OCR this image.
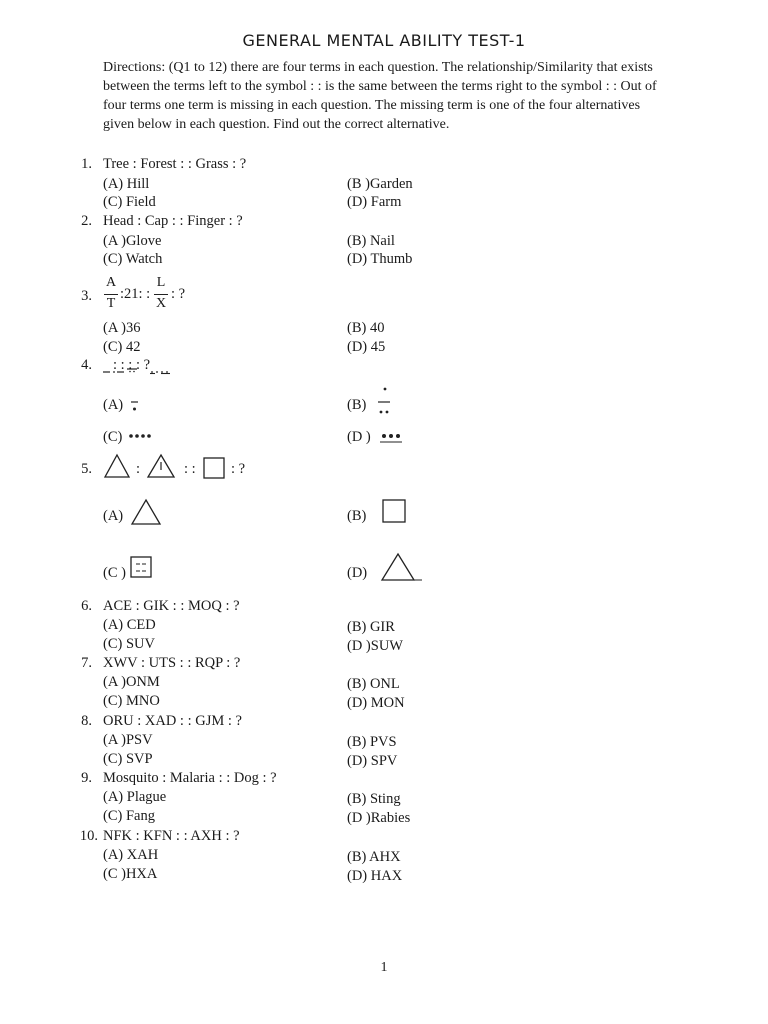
GENERAL MENTAL ABILITY TEST-1
Directions: (Q1 to 12) there are four terms in each question. The relationship/Similarity that exists between the terms left to the symbol : : is the same between the terms right to the symbol : : Out of four terms one term is missing in each question. The missing term is one of the four alternatives given below in each question. Find out the correct alternative.
1. Tree : Forest : : Grass : ?
(A) Hill	(B )Garden
(C) Field	(D) Farm
2. Head : Cap : : Finger : ?
(A )Glove	(B) Nail
(C) Watch	(D) Thumb
3.
A
T
:21: :
L
X
: ?
(A )36	(B) 40
(C) 42	(D) 45
4. : : : : ?
(A)	(B)
(C)	(D )
5.	:	: : : ?
(A)	(B)
(C )	(D)
6. ACE : GIK : : MOQ : ?
(A) CED	(B) GIR
(C) SUV	(D )SUW
7. XWV : UTS : : RQP : ?
(A )ONM	(B) ONL
(C) MNO	(D) MON
8. ORU : XAD : : GJM : ?
(A )PSV	(B) PVS
(C) SVP	(D) SPV
9. Mosquito : Malaria : : Dog : ?
(A) Plague	(B) Sting
(C) Fang	(D )Rabies
10. NFK : KFN : : AXH : ?
(A) XAH	(B) AHX
(C )HXA	(D) HAX
1
